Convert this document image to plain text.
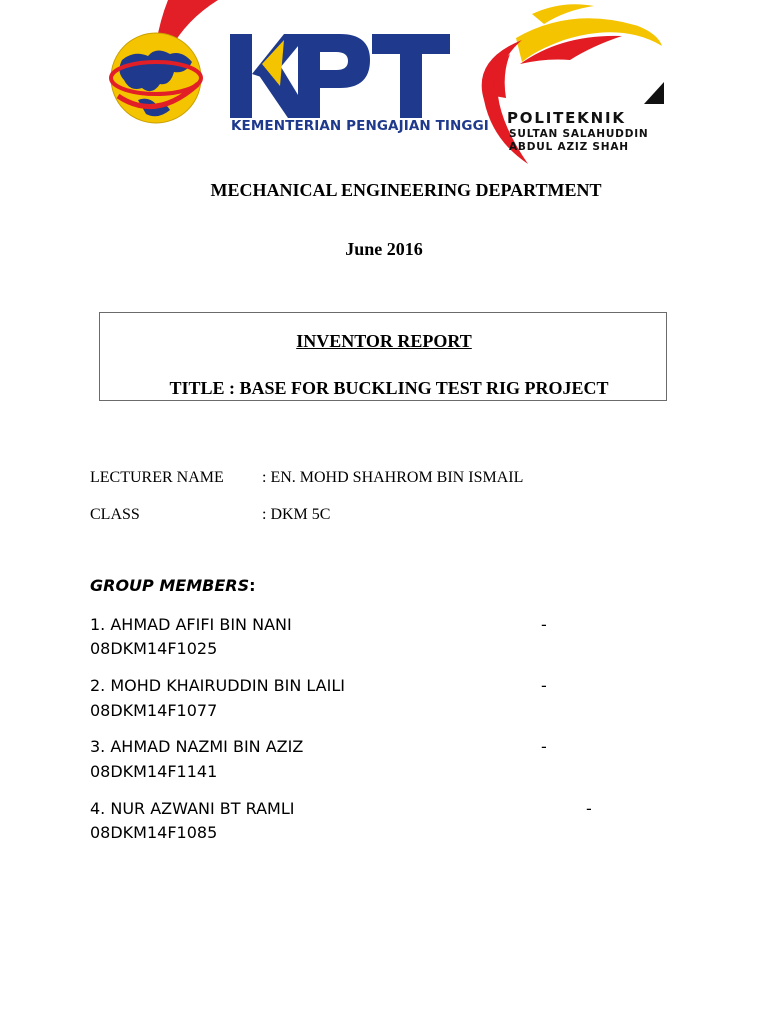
KEMENTERIAN PENGAJIAN TINGGI POLITEKNIK
SULTAN SALAHUDDIN
ABDUL AZIZ SHAH
MECHANICAL ENGINEERING DEPARTMENT
June 2016
INVENTOR REPORT
TITLE : BASE FOR BUCKLING TEST RIG PROJECT
LECTURER NAME : EN. MOHD SHAHROM BIN ISMAIL
CLASS	: DKM 5C
GROUP MEMBERS:
1. AHMAD AFIFI BIN NANI	-
08DKM14F1025
2. MOHD KHAIRUDDIN BIN LAILI	-
08DKM14F1077
3. AHMAD NAZMI BIN AZIZ	-
08DKM14F1141
4. NUR AZWANI BT RAMLI	-
08DKM14F1085
